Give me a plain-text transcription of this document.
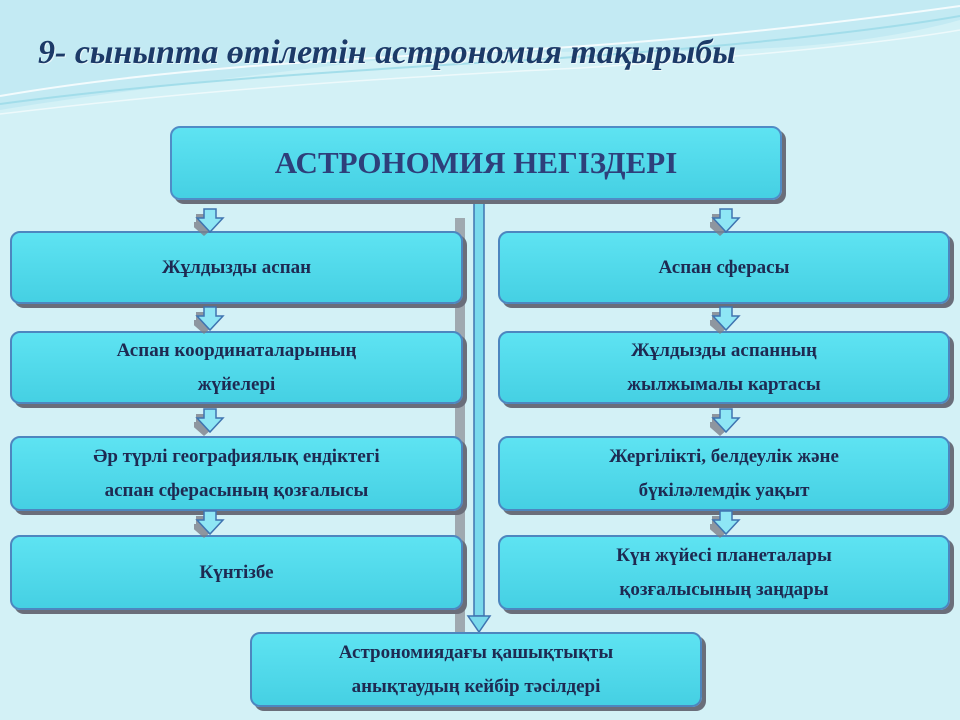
9- сыныпта өтілетін астрономия тақырыбы
АСТРОНОМИЯ НЕГІЗДЕРІ
Жұлдызды аспан
Аспан координаталарының
жүйелері
Әр түрлі географиялық ендіктегі
аспан сферасының қозғалысы
Күнтізбе
Аспан сферасы
Жұлдызды аспанның
жылжымалы картасы
Жергілікті, белдеулік және
бүкіләлемдік уақыт
Күн жүйесі планеталары
қозғалысының заңдары
Астрономиядағы қашықтықты
анықтаудың кейбір тәсілдері
